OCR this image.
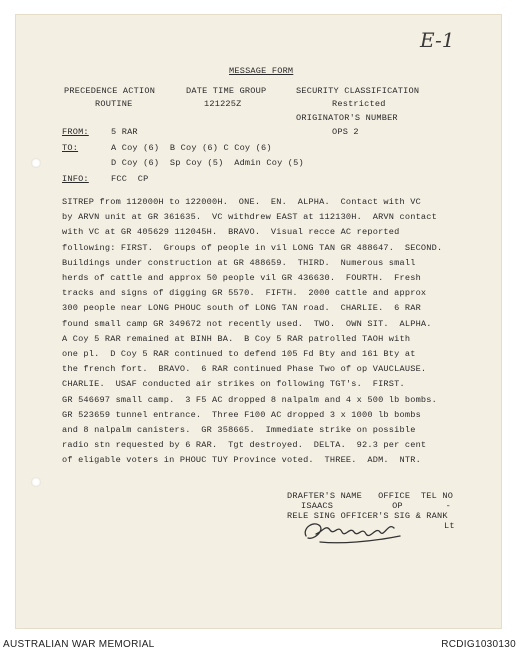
E-1
MESSAGE FORM
PRECEDENCE ACTION
ROUTINE
DATE TIME GROUP
121225Z
SECURITY CLASSIFICATION
Restricted
ORIGINATOR'S NUMBER
OPS 2
FROM:	5 RAR
TO:	A Coy (6)  B Coy (6) C Coy (6)
D Coy (6)  Sp Coy (5)  Admin Coy (5)
INFO:	FCC  CP
SITREP from 112000H to 122000H.  ONE.  EN.  ALPHA.  Contact with VC
by ARVN unit at GR 361635.  VC withdrew EAST at 112130H.  ARVN contact
with VC at GR 405629 112045H.  BRAVO.  Visual recce AC reported
following: FIRST.  Groups of people in vil LONG TAN GR 488647.  SECOND.
Buildings under construction at GR 488659.  THIRD.  Numerous small
herds of cattle and approx 50 people vil GR 436630.  FOURTH.  Fresh
tracks and signs of digging GR 5570.  FIFTH.  2000 cattle and approx
300 people near LONG PHOUC south of LONG TAN road.  CHARLIE.  6 RAR
found small camp GR 349672 not recently used.  TWO.  OWN SIT.  ALPHA.
A Coy 5 RAR remained at BINH BA.  B Coy 5 RAR patrolled TAOH with
one pl.  D Coy 5 RAR continued to defend 105 Fd Bty and 161 Bty at
the french fort.  BRAVO.  6 RAR continued Phase Two of op VAUCLAUSE.
CHARLIE.  USAF conducted air strikes on following TGT's.  FIRST.
GR 546697 small camp.  3 F5 AC dropped 8 nalpalm and 4 x 500 lb bombs.
GR 523659 tunnel entrance.  Three F100 AC dropped 3 x 1000 lb bombs
and 8 nalpalm canisters.  GR 358665.  Immediate strike on possible
radio stn requested by 6 RAR.  Tgt destroyed.  DELTA.  92.3 per cent
of eligable voters in PHOUC TUY Province voted.  THREE.  ADM.  NTR.
DRAFTER'S NAME   OFFICE  TEL NO
ISAACS           OP        -
RELE SING OFFICER'S SIG & RANK
Lt
AUSTRALIAN WAR MEMORIAL	RCDIG1030130
